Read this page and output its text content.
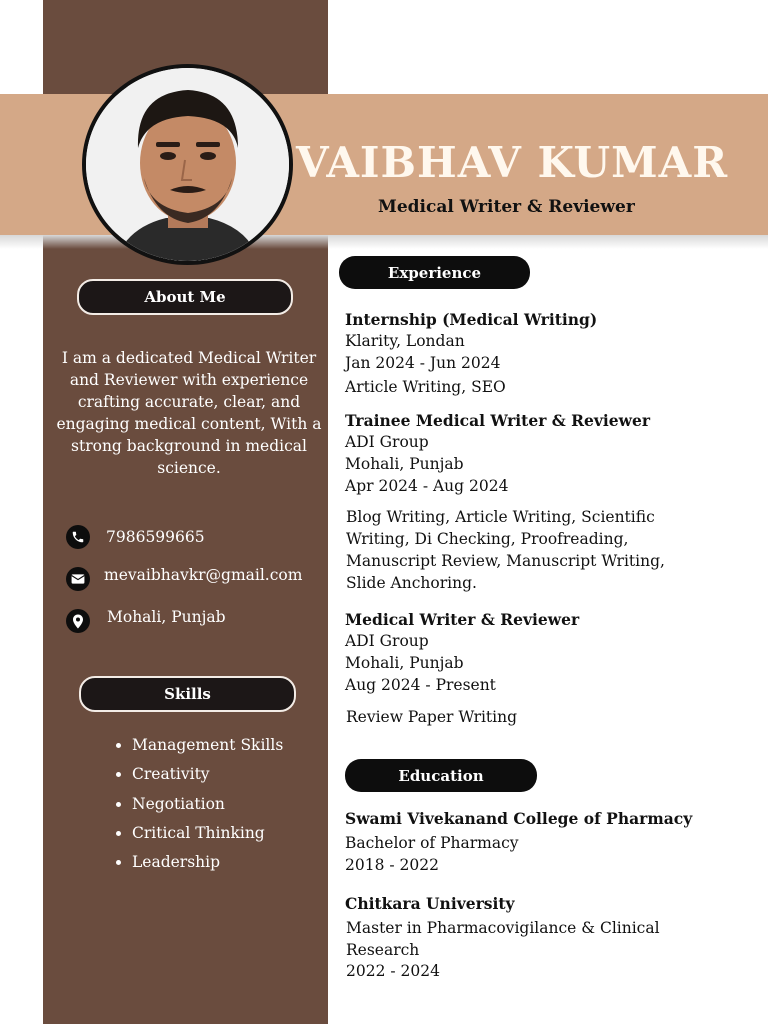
VAIBHAV KUMAR
Medical Writer & Reviewer
About Me
I am a dedicated Medical Writer and Reviewer with experience crafting accurate, clear, and engaging medical content, With a strong background in medical science.
7986599665
mevaibhavkr@gmail.com
Mohali, Punjab
Skills
• Management Skills
• Creativity
• Negotiation
• Critical Thinking
• Leadership
Experience
Internship (Medical Writing)
Klarity, Londan
Jan 2024 - Jun 2024
Article Writing, SEO
Trainee Medical Writer & Reviewer
ADI Group
Mohali, Punjab
Apr 2024 - Aug 2024
Blog Writing, Article Writing, Scientific Writing, Di Checking, Proofreading, Manuscript Review, Manuscript Writing, Slide Anchoring.
Medical Writer & Reviewer
ADI Group
Mohali, Punjab
Aug 2024 - Present
Review Paper Writing
Education
Swami Vivekanand College of Pharmacy
Bachelor of Pharmacy
2018 - 2022
Chitkara University
Master in Pharmacovigilance & Clinical Research
2022 - 2024
